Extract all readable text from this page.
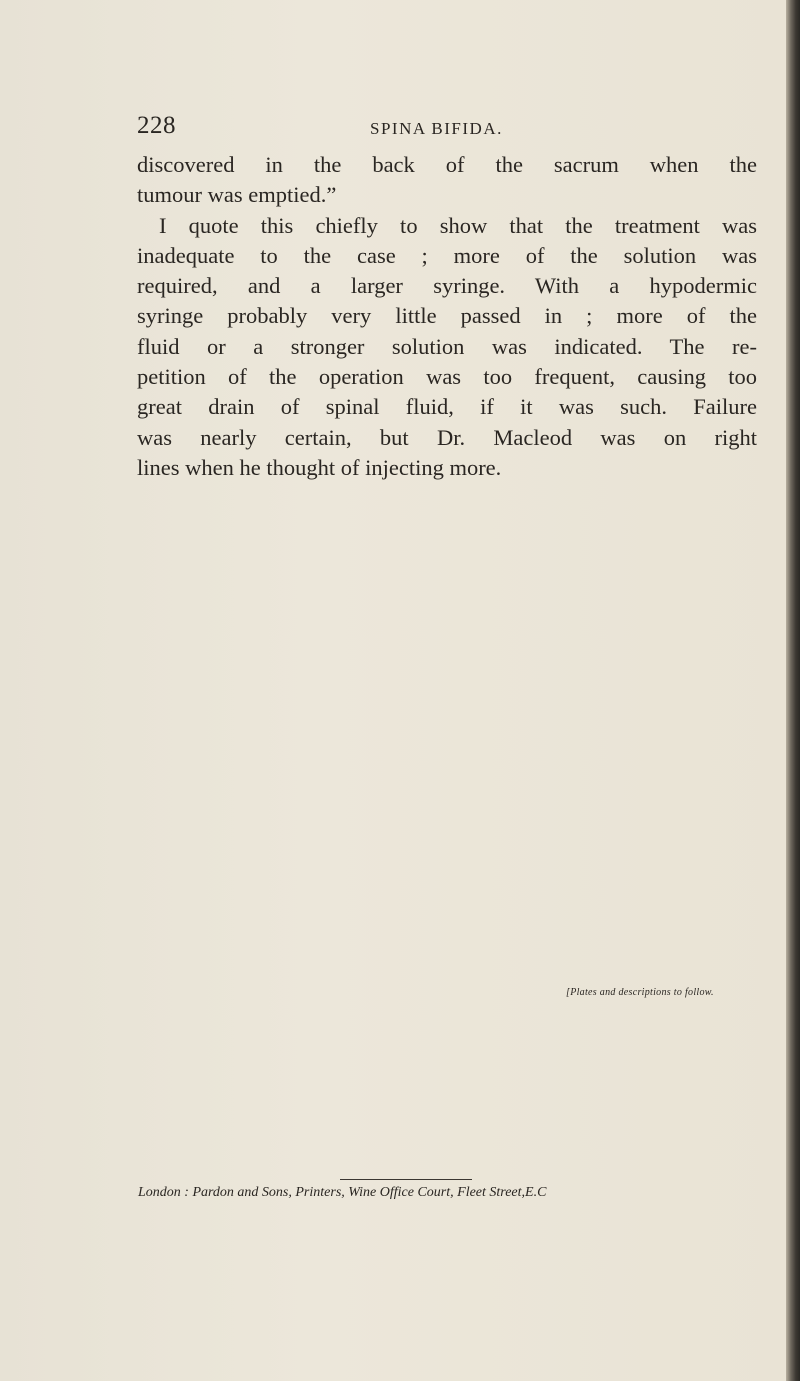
228	SPINA BIFIDA.
discovered in the back of the sacrum when the
tumour was emptied.”
I quote this chiefly to show that the treatment was
inadequate to the case ; more of the solution was
required, and a larger syringe. With a hypodermic
syringe probably very little passed in ; more of the
fluid or a stronger solution was indicated. The re-
petition of the operation was too frequent, causing too
great drain of spinal fluid, if it was such. Failure
was nearly certain, but Dr. Macleod was on right
lines when he thought of injecting more.
[Plates and descriptions to follow.
London : Pardon and Sons, Printers, Wine Office Court, Fleet Street,E.C
